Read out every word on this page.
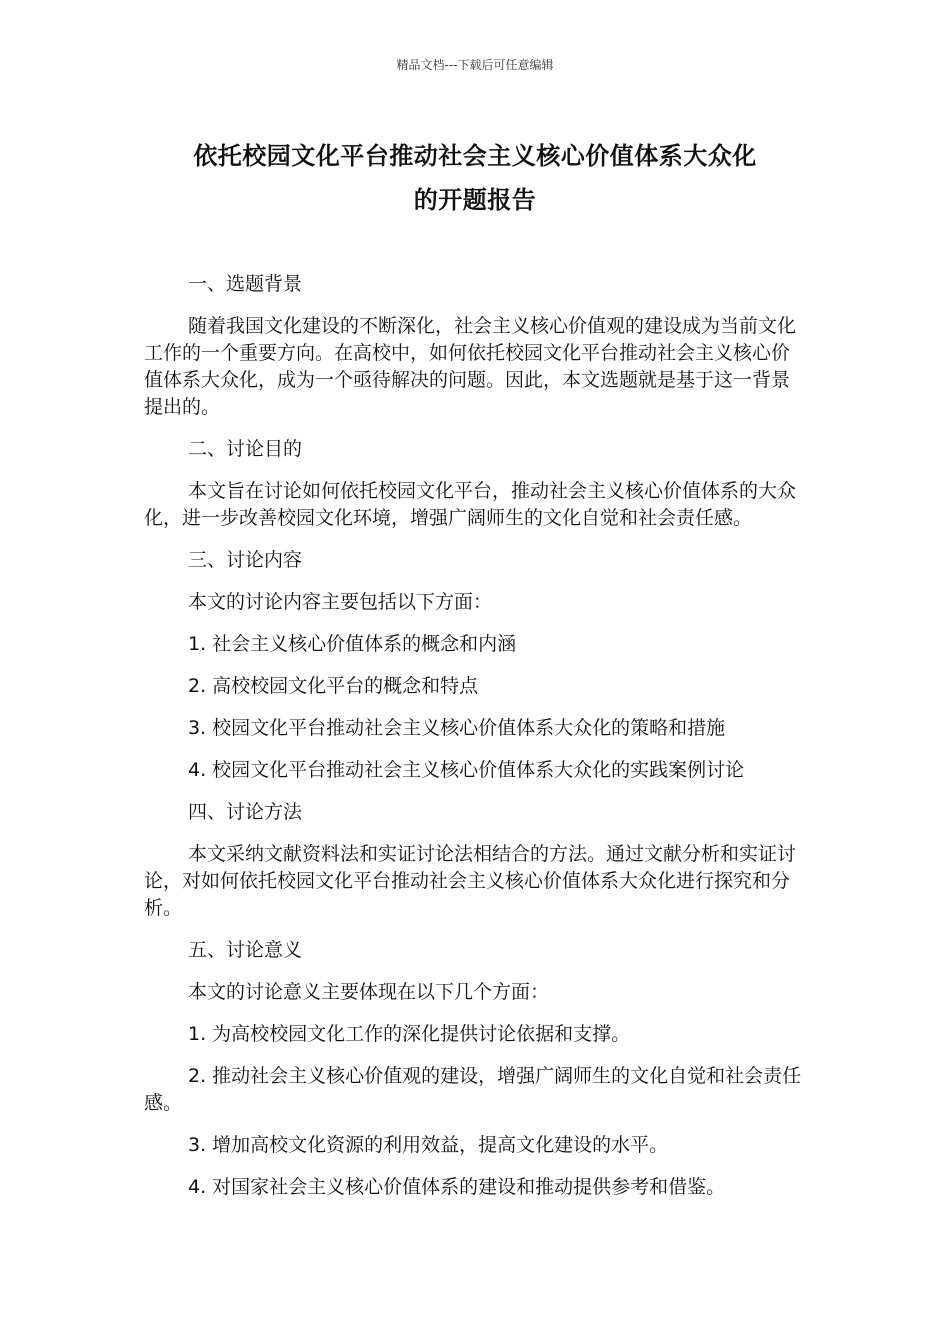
精品文档---下载后可任意编辑
依托校园文化平台推动社会主义核心价值体系大众化
的开题报告

一、选题背景

随着我国文化建设的不断深化，社会主义核心价值观的建设成为当前文化工作的一个重要方向。在高校中，如何依托校园文化平台推动社会主义核心价值体系大众化，成为一个亟待解决的问题。因此，本文选题就是基于这一背景提出的。

二、讨论目的

本文旨在讨论如何依托校园文化平台，推动社会主义核心价值体系的大众化，进一步改善校园文化环境，增强广阔师生的文化自觉和社会责任感。

三、讨论内容

本文的讨论内容主要包括以下方面：

1. 社会主义核心价值体系的概念和内涵

2. 高校校园文化平台的概念和特点

3. 校园文化平台推动社会主义核心价值体系大众化的策略和措施

4. 校园文化平台推动社会主义核心价值体系大众化的实践案例讨论

四、讨论方法

本文采纳文献资料法和实证讨论法相结合的方法。通过文献分析和实证讨论，对如何依托校园文化平台推动社会主义核心价值体系大众化进行探究和分析。

五、讨论意义

本文的讨论意义主要体现在以下几个方面：

1. 为高校校园文化工作的深化提供讨论依据和支撑。

2. 推动社会主义核心价值观的建设，增强广阔师生的文化自觉和社会责任感。

3. 增加高校文化资源的利用效益，提高文化建设的水平。

4. 对国家社会主义核心价值体系的建设和推动提供参考和借鉴。
